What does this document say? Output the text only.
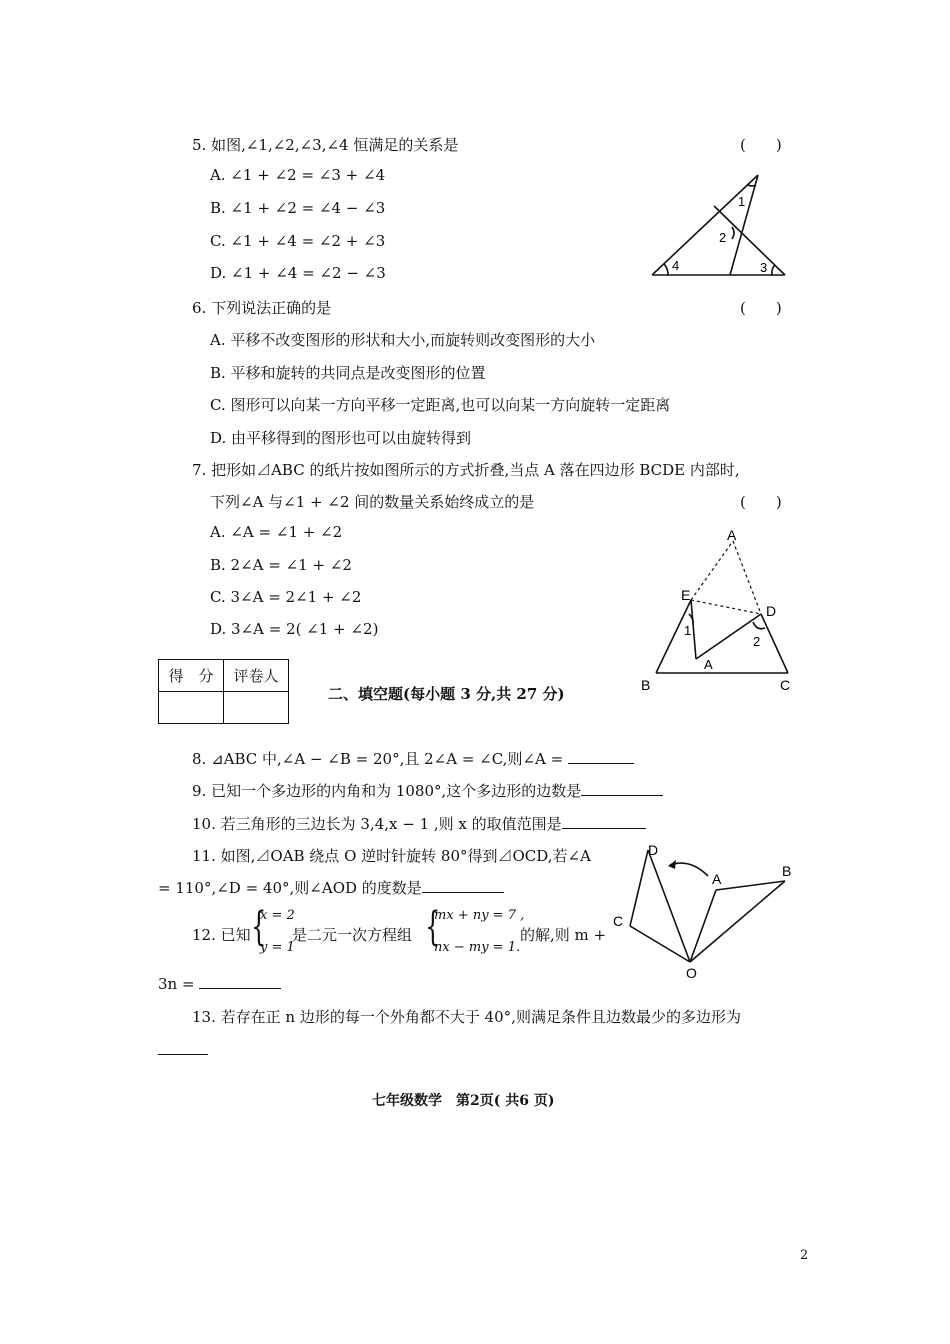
5. 如图,∠1,∠2,∠3,∠4 恒满足的关系是	(　　)
A. ∠1 + ∠2 = ∠3 + ∠4
B. ∠1 + ∠2 = ∠4 − ∠3
C. ∠1 + ∠4 = ∠2 + ∠3
D. ∠1 + ∠4 = ∠2 − ∠3
1
2
3
4
6. 下列说法正确的是	(　　)
A. 平移不改变图形的形状和大小,而旋转则改变图形的大小
B. 平移和旋转的共同点是改变图形的位置
C. 图形可以向某一方向平移一定距离,也可以向某一方向旋转一定距离
D. 由平移得到的图形也可以由旋转得到
7. 把形如⊿ABC 的纸片按如图所示的方式折叠,当点 A 落在四边形 BCDE 内部时,
下列∠A 与∠1 + ∠2 间的数量关系始终成立的是	(　　)
A. ∠A = ∠1 + ∠2
B. 2∠A = ∠1 + ∠2
C. 3∠A = 2∠1 + ∠2
D. 3∠A = 2( ∠1 + ∠2)
A
E
D
1
2
A
B	C
得　分	评卷人

二、填空题(每小题 3 分,共 27 分)
8. ⊿ABC 中,∠A − ∠B = 20°,且 2∠A = ∠C,则∠A =
9. 已知一个多边形的内角和为 1080°,这个多边形的边数是
10. 若三角形的三边长为 3,4,x − 1 ,则 x 的取值范围是
11. 如图,⊿OAB 绕点 O 逆时针旋转 80°得到⊿OCD,若∠A
= 110°,∠D = 40°,则∠AOD 的度数是
D
A	B
C
O
12. 已知 {
x = 2
y = 1
是二元一次方程组 {
mx + ny = 7 ,
nx − my = 1.
的解,则 m +
3n =
13. 若存在正 n 边形的每一个外角都不大于 40°,则满足条件且边数最少的多边形为
七年级数学　第2页( 共6 页)
2
